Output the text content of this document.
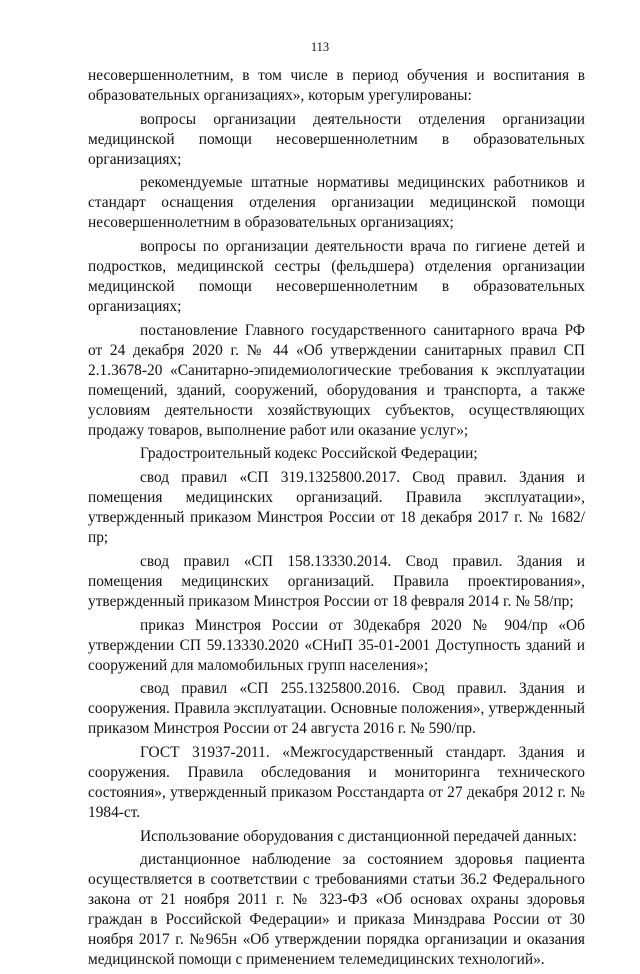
113

несовершеннолетним, в том числе в период обучения и воспитания в образовательных организациях», которым урегулированы:

вопросы организации деятельности отделения организации медицинской помощи несовершеннолетним в образовательных организациях;

рекомендуемые штатные нормативы медицинских работников и стандарт оснащения отделения организации медицинской помощи несовершеннолетним в образовательных организациях;

вопросы по организации деятельности врача по гигиене детей и подростков, медицинской сестры (фельдшера) отделения организации медицинской помощи несовершеннолетним в образовательных организациях;

постановление Главного государственного санитарного врача РФ от 24 декабря 2020 г. № 44 «Об утверждении санитарных правил СП 2.1.3678-20 «Санитарно-эпидемиологические требования к эксплуатации помещений, зданий, сооружений, оборудования и транспорта, а также условиям деятельности хозяйствующих субъектов, осуществляющих продажу товаров, выполнение работ или оказание услуг»;

Градостроительный кодекс Российской Федерации;

свод правил «СП 319.1325800.2017. Свод правил. Здания и помещения медицинских организаций. Правила эксплуатации», утвержденный приказом Минстроя России от 18 декабря 2017 г. № 1682/пр;

свод правил «СП 158.13330.2014. Свод правил. Здания и помещения медицинских организаций. Правила проектирования», утвержденный приказом Минстроя России от 18 февраля 2014 г. № 58/пр;

приказ Минстроя России от 30декабря 2020 № 904/пр «Об утверждении СП 59.13330.2020 «СНиП 35-01-2001 Доступность зданий и сооружений для маломобильных групп населения»;

свод правил «СП 255.1325800.2016. Свод правил. Здания и сооружения. Правила эксплуатации. Основные положения», утвержденный приказом Минстроя России от 24 августа 2016 г. № 590/пр.

ГОСТ 31937-2011. «Межгосударственный стандарт. Здания и сооружения. Правила обследования и мониторинга технического состояния», утвержденный приказом Росстандарта от 27 декабря 2012 г. № 1984-ст.

Использование оборудования с дистанционной передачей данных:

дистанционное наблюдение за состоянием здоровья пациента осуществляется в соответствии с требованиями статьи 36.2 Федерального закона от 21 ноября 2011 г. № 323-ФЗ «Об основах охраны здоровья граждан в Российской Федерации» и приказа Минздрава России от 30 ноября 2017 г. №965н «Об утверждении порядка организации и оказания медицинской помощи с применением телемедицинских технологий».
